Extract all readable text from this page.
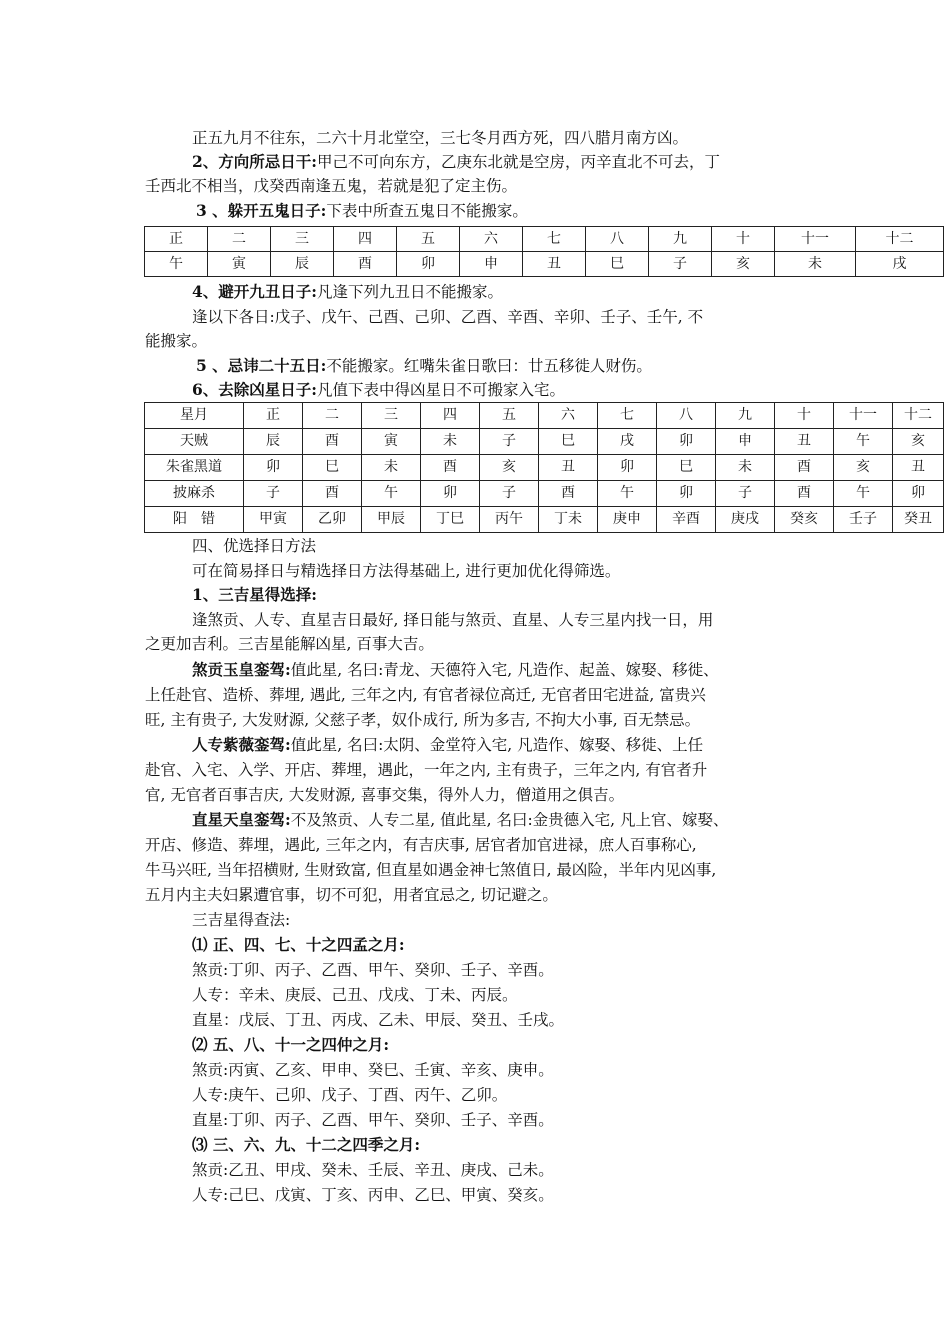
正五九月不往东，二六十月北堂空，三七冬月西方死，四八腊月南方凶。
2、方向所忌日干:甲己不可向东方，乙庚东北就是空房，丙辛直北不可去，丁
壬西北不相当，戊癸西南逢五鬼，若就是犯了定主伤。
3 、躲开五鬼日子:下表中所查五鬼日不能搬家。
正	二	三	四	五	六	七	八	九	十	十一	十二
午	寅	辰	酉	卯	申	丑	巳	子	亥	未	戌
4、避开九丑日子:凡逢下列九丑日不能搬家。
逢以下各日:戊子、戊午、己酉、己卯、乙酉、辛酉、辛卯、壬子、壬午, 不
能搬家。
5 、忌讳二十五日:不能搬家。红嘴朱雀日歌曰：廿五移徙人财伤。
6、去除凶星日子:凡值下表中得凶星日不可搬家入宅。
星月	正	二	三	四	五	六	七	八	九	十	十一	十二
天贼	辰	酉	寅	未	子	巳	戌	卯	申	丑	午	亥
朱雀黑道	卯	巳	未	酉	亥	丑	卯	巳	未	酉	亥	丑
披麻杀	子	酉	午	卯	子	酉	午	卯	子	酉	午	卯
阳　错	甲寅	乙卯	甲辰	丁巳	丙午	丁未	庚申	辛酉	庚戌	癸亥	壬子	癸丑
四、优选择日方法
可在简易择日与精选择日方法得基础上, 进行更加优化得筛选。
1、三吉星得选择:
逢煞贡、人专、直星吉日最好, 择日能与煞贡、直星、人专三星内找一日，用
之更加吉利。三吉星能解凶星, 百事大吉。
煞贡玉皇銮驾:值此星, 名曰:青龙、天德符入宅, 凡造作、起盖、嫁娶、移徙、
上任赴官、造桥、葬埋, 遇此, 三年之内, 有官者禄位高迁, 无官者田宅进益, 富贵兴
旺, 主有贵子, 大发财源, 父慈子孝，奴仆成行, 所为多吉, 不拘大小事, 百无禁忌。
人专紫薇銮驾:值此星, 名曰:太阴、金堂符入宅, 凡造作、嫁娶、移徙、上任
赴官、入宅、入学、开店、葬埋，遇此，一年之内, 主有贵子，三年之内, 有官者升
官, 无官者百事吉庆, 大发财源, 喜事交集，得外人力，僧道用之俱吉。
直星天皇銮驾:不及煞贡、人专二星, 值此星, 名曰:金贵德入宅, 凡上官、嫁娶、
开店、修造、葬埋，遇此, 三年之内，有吉庆事, 居官者加官进禄，庶人百事称心,
牛马兴旺, 当年招横财, 生财致富, 但直星如遇金神七煞值日, 最凶险，半年内见凶事,
五月内主夫妇累遭官事，切不可犯，用者宜忌之, 切记避之。
三吉星得查法:
⑴ 正、四、七、十之四孟之月:
煞贡:丁卯、丙子、乙酉、甲午、癸卯、壬子、辛酉。
人专：辛未、庚辰、己丑、戊戌、丁未、丙辰。
直星：戊辰、丁丑、丙戌、乙未、甲辰、癸丑、壬戌。
⑵ 五、八、十一之四仲之月:
煞贡:丙寅、乙亥、甲申、癸巳、壬寅、辛亥、庚申。
人专:庚午、己卯、戊子、丁酉、丙午、乙卯。
直星:丁卯、丙子、乙酉、甲午、癸卯、壬子、辛酉。
⑶ 三、六、九、十二之四季之月:
煞贡:乙丑、甲戌、癸未、壬辰、辛丑、庚戌、己未。
人专:己巳、戊寅、丁亥、丙申、乙巳、甲寅、癸亥。
